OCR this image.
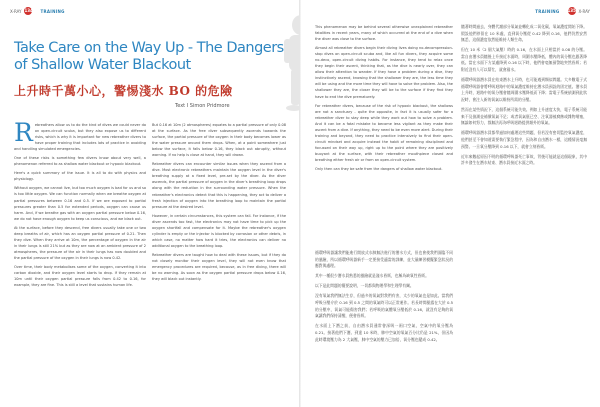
X-RAY 134 TRAINING
Take Care on the Way Up - The Dangers of Shallow Water Blackout
上升時千萬小心，警惕淺水 BO 的危險
Text I Simon Pridmore
R ebreathers allow us to do the kind of dives we could never do on open-circuit scuba, but they also expose us to different risks, which is why it is important for new rebreather divers to have proper training that includes lots of practice in avoiding and handling simulated emergencies.

One of these risks is something few divers know about very well, a phenomenon referred to as shallow water blackout or hypoxic blackout.

Here's a quick summary of the issue. It is all to do with physics and physiology.

Without oxygen, we cannot live, but too much oxygen is bad for us and so is too little oxygen. We can function normally when we breathe oxygen at partial pressures between 0.16 and 0.5. If we are exposed to partial pressures greater than 0.5 for extended periods, oxygen can cause us harm. And, if we breathe gas with an oxygen partial pressure below 0.16, we do not have enough oxygen to keep us conscious, and we black out.

At the surface, before they descend, free divers usually take one or two deep breaths of air, which has an oxygen partial pressure of 0.21. Then they dive. When they arrive at 10m, the percentage of oxygen in the air in their lungs is still 21% but as they are now at an ambient pressure of 2 atmospheres, the pressure of the air in their lungs has now doubled and the partial pressure of the oxygen in their lungs is now 0.42.

Over time, their body metabolises some of the oxygen, converting it into carbon dioxide, and their oxygen level starts to drop. If they remain at 10m until their oxygen partial pressure falls from 0.42 to 0.16, for example, they are fine. This is still a level that sustains human life.

But 0.16 at 10m (2 atmospheres) equates to a partial pressure of only 0.08 at the surface. As the free diver subsequently ascends towards the surface, the partial pressure of the oxygen in their body becomes lower as the water pressure around them drops. When, at a point somewhere just below the surface, it falls below 0.16, they black out abruptly, without warning. If no help is close at hand, they will drown.

Rebreather divers can encounter similar issues when they ascend from a dive. Most electronic rebreathers maintain the oxygen level in the diver's breathing supply at a fixed level, pre-set by the diver. As the diver ascends, the partial pressure of oxygen in the diver's breathing loop drops along with the reduction in the surrounding water pressure. When the rebreather's electronics detect that this is happening, they act to deliver a fresh injection of oxygen into the breathing loop to maintain the partial pressure at the desired level.

However, in certain circumstances, this system can fail. For instance, if the diver ascends too fast, the electronics may not have time to pick up the oxygen shortfall and compensate for it. Maybe the rebreather's oxygen cylinder is empty or the injector is blocked by corrosion or other debris, in which case, no matter how hard it tries, the electronics can deliver no additional oxygen to the breathing loop.

Rebreather divers are taught how to deal with these issues, but if they do not closely monitor their oxygen level, they will not even know that emergency procedures are required, because, as in free diving, there will be no warning. As soon as the oxygen partial pressure drops below 0.16, they will black out instantly.

TRAINING 135 X-RAY

This phenomenon may be behind several otherwise unexplained rebreather fatalities in recent years, many of which occurred at the end of a dive when the diver was close to the surface.

Almost all rebreather divers begin their diving lives doing no-decompression-stop dives on open-circuit scuba and, like all fun divers, they acquire some no-deco, open-circuit diving habits. For instance, they tend to relax once they begin their ascent, thinking that, as the dive is nearly over, they can allow their attention to wander. If they have a problem during a dive, they instinctively ascend, knowing that the shallower they are, the less time they will be using and the more time they will have to solve the problem. Also, the shallower they are, the closer they will be to the surface if they find they have to end the dive prematurely.

For rebreather divers, because of the risk of hypoxic blackout, the shallows are not a sanctuary - quite the opposite, in fact it is usually safer for a rebreather diver to stay deep while they work out how to solve a problem. And it can be a fatal mistake to become less vigilant as they make their ascent from a dive. If anything, they need to be even more alert. During their training and beyond, they need to practice intensively to find their open-circuit mindset and acquire instead the habit of remaining disciplined and focussed on their way up, right up to the point where they are positively buoyant at the surface, with their rebreather mouthpiece closed and breathing either fresh air or from an open-circuit system.

Only then can they be safe from the dangers of shallow water blackout.

循環呼吸器讓我們能進行開放式水肺無法進行的潛水方式，但也會使我們面臨不同的風險，所以循環呼吸器新手一定要接受適當的訓練，並大量練習模擬緊急狀況的應對與處理。

其中一種很少潛水員熟悉的風險就是淺水昏厥，也稱為缺氧性昏厥。

以下是此問題的簡要說明，一切都與物理學和生理學有關。

沒有氧氣我們無法生存，但過多的氧氣對我們有害，太少的氧氣也是如此。當我們呼吸分壓介於 0.16 到 0.5 之間的氧氣時可以正常運作。若長時間暴露在大於 0.5 的分壓中，氧氣可能傷害我們；若呼吸的氣體氧分壓低於 0.16，就沒有足夠的氧氣讓我們保持清醒，便會昏厥。

在水面上下潛之前，自由潛水員通常會深吸一兩口空氣，空氣中的氧分壓為 0.21。接著他們下潛。到達 10 米時，肺中空氣的氧氣百分比仍是 21%，但因為此時環境壓力為 2 大氣壓，肺中空氣的壓力已加倍，氧分壓也變成 0.42。

隨著時間過去，身體代謝部分氧氣並轉化成二氧化碳，氧氣濃度開始下降。假設他們停留在 10 米處，直到氧分壓從 0.42 降到 0.16，他們仍然安然無恙，這個濃度依然能維持人類生命。

但在 10 米（2 個大氣壓）時的 0.16，在水面上只相當於 0.08 的分壓。當自由潛水員隨後上升接近水面時，周圍水壓降低，體內的氧分壓也跟著降低。當在水面下方某處降到 0.16 以下時，他們會毫無預警地突然昏厥；若附近沒有人可以幫忙，就會溺水。

循環呼吸器潛水員在結束潛水上升時，也可能遇到類似問題。大多數電子式循環呼吸器會將呼吸迴路中的氧氣濃度維持在潛水員預設的固定值。潛水員上升時，迴路中的氧分壓會隨周圍水壓降低而下降；當電子系統偵測到此狀況時，會注入新的氧氣以維持所需的分壓。

然而在某些情況下，這個系統可能失效。例如上升速度太快，電子系統可能來不及偵測並補償氧氣不足；或者氧氣瓶已空、注氧器被腐蝕或雜物堵塞，無論如何努力，都無法再為呼吸迴路提供額外的氧氣。

循環呼吸器潛水員都學過如何處理這些問題，但若沒有密切監控氧氣濃度，他們甚至不會知道需要執行緊急程序，因為和自由潛水一樣，這種情況毫無預警。一旦氧分壓降到 0.16 以下，就會立刻昏厥。

近年來數起原因不明的循環呼吸器死亡事故，背後可能就是這個現象，其中許多發生在潛水結束、潛水員接近水面之時。
